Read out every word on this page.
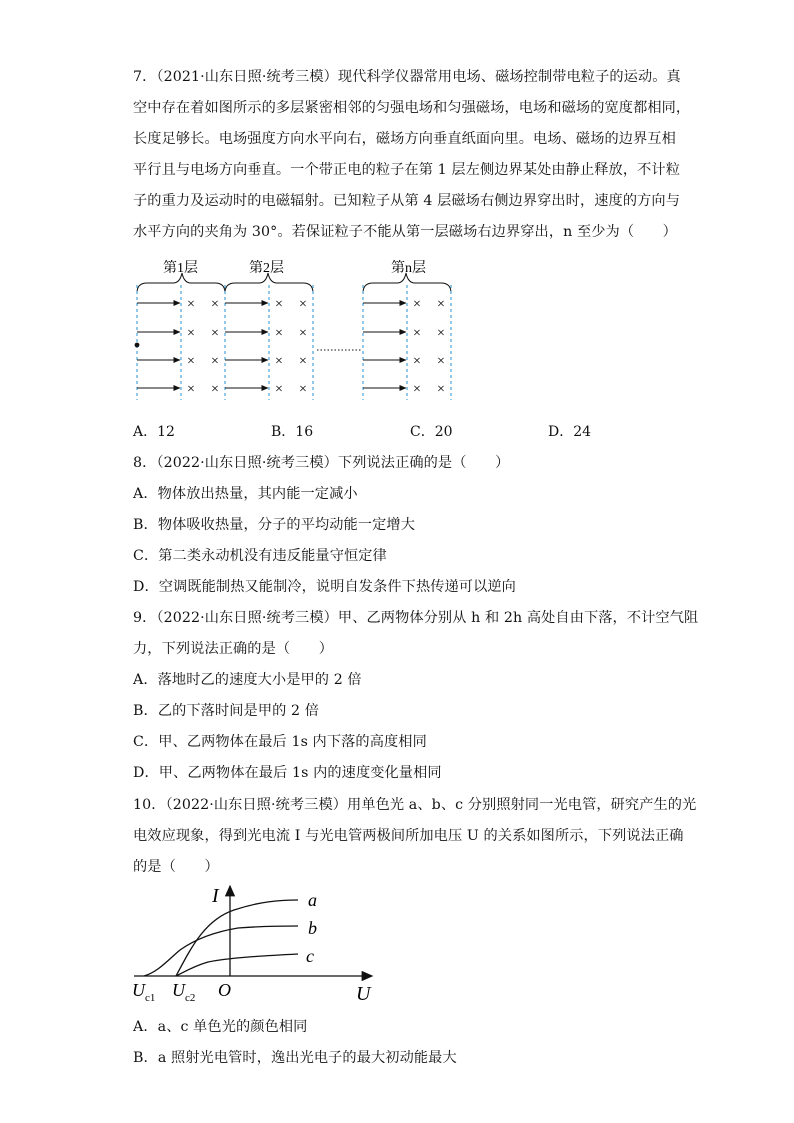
7．（2021·山东日照·统考三模）现代科学仪器常用电场、磁场控制带电粒子的运动。真
空中存在着如图所示的多层紧密相邻的匀强电场和匀强磁场，电场和磁场的宽度都相同，
长度足够长。电场强度方向水平向右，磁场方向垂直纸面向里。电场、磁场的边界互相
平行且与电场方向垂直。一个带正电的粒子在第 1 层左侧边界某处由静止释放，不计粒
子的重力及运动时的电磁辐射。已知粒子从第 4 层磁场右侧边界穿出时，速度的方向与
水平方向的夹角为 30°。若保证粒子不能从第一层磁场右边界穿出，n 至少为（　　）
第1层	第2层	第n层
× ×
× ×
× ×
× ×
× ×
× ×
× ×
× ×
× ×
× ×
× ×
× ×
A．12	B．16	C．20	D．24
8．（2022·山东日照·统考三模）下列说法正确的是（　　）
A．物体放出热量，其内能一定减小
B．物体吸收热量，分子的平均动能一定增大
C．第二类永动机没有违反能量守恒定律
D．空调既能制热又能制冷，说明自发条件下热传递可以逆向
9．（2022·山东日照·统考三模）甲、乙两物体分别从 h 和 2h 高处自由下落，不计空气阻
力，下列说法正确的是（　　）
A．落地时乙的速度大小是甲的 2 倍
B．乙的下落时间是甲的 2 倍
C．甲、乙两物体在最后 1s 内下落的高度相同
D．甲、乙两物体在最后 1s 内的速度变化量相同
10．（2022·山东日照·统考三模）用单色光 a、b、c 分别照射同一光电管，研究产生的光
电效应现象，得到光电流 I 与光电管两极间所加电压 U 的关系如图所示，下列说法正确
的是（　　）
I
U
O
$U_{c1}$ $U_{c2}$
a
b
c
A．a、c 单色光的颜色相同
B．a 照射光电管时，逸出光电子的最大初动能最大
